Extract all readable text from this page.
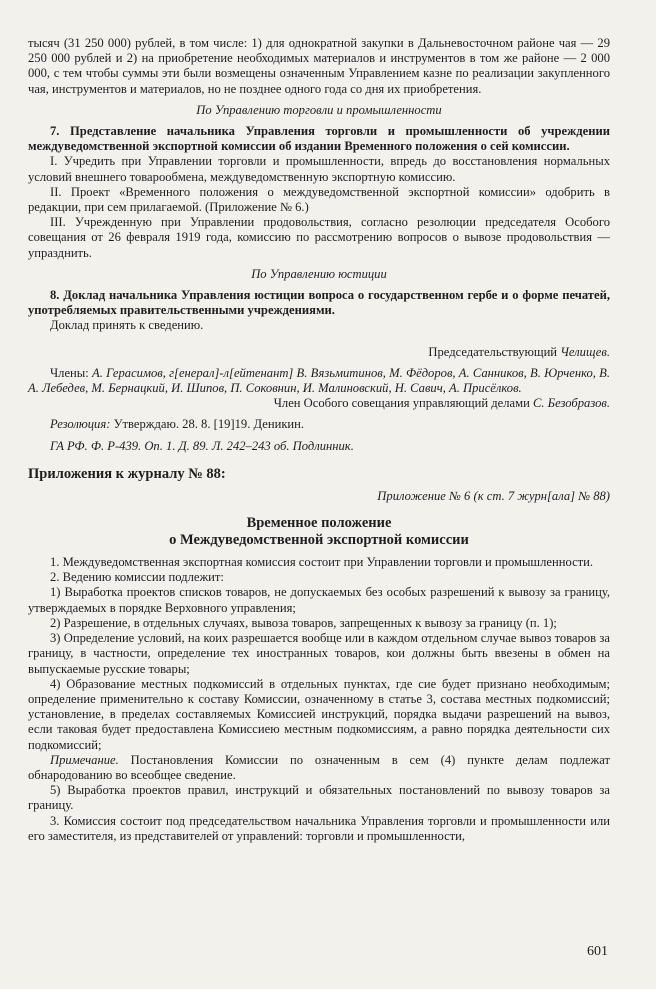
тысяч (31 250 000) рублей, в том числе: 1) для однократной закупки в Дальневосточном районе чая — 29 250 000 рублей и 2) на приобретение необходимых материалов и инструментов в том же районе — 2 000 000, с тем чтобы суммы эти были возмещены означенным Управлением казне по реализации закупленного чая, инструментов и материалов, но не позднее одного года со дня их приобретения.

По Управлению торговли и промышленности

7. Представление начальника Управления торговли и промышленности об учреждении междуведомственной экспортной комиссии об издании Временного положения о сей комиссии.

I. Учредить при Управлении торговли и промышленности, впредь до восстановления нормальных условий внешнего товарообмена, междуведомственную экспортную комиссию.

II. Проект «Временного положения о междуведомственной экспортной комиссии» одобрить в редакции, при сем прилагаемой. (Приложение № 6.)

III. Учрежденную при Управлении продовольствия, согласно резолюции председателя Особого совещания от 26 февраля 1919 года, комиссию по рассмотрению вопросов о вывозе продовольствия — упразднить.

По Управлению юстиции

8. Доклад начальника Управления юстиции вопроса о государственном гербе и о форме печатей, употребляемых правительственными учреждениями.

Доклад принять к сведению.

Председательствующий Челищев.

Члены: А. Герасимов, г[енерал]-л[ейтенант] В. Вязьмитинов, М. Фёдоров, А. Санников, В. Юрченко, В. А. Лебедев, М. Бернацкий, И. Шипов, П. Соковнин, И. Малиновский, Н. Савич, А. Присёлков.

Член Особого совещания управляющий делами С. Безобразов.

Резолюция: Утверждаю. 28. 8. [19]19. Деникин.

ГА РФ. Ф. Р-439. Оп. 1. Д. 89. Л. 242–243 об. Подлинник.

Приложения к журналу № 88:

Приложение № 6 (к ст. 7 журн[ала] № 88)

Временное положение

о Междуведомственной экспортной комиссии

1. Междуведомственная экспортная комиссия состоит при Управлении торговли и промышленности.

2. Ведению комиссии подлежит:

1) Выработка проектов списков товаров, не допускаемых без особых разрешений к вывозу за границу, утверждаемых в порядке Верховного управления;

2) Разрешение, в отдельных случаях, вывоза товаров, запрещенных к вывозу за границу (п. 1);

3) Определение условий, на коих разрешается вообще или в каждом отдельном случае вывоз товаров за границу, в частности, определение тех иностранных товаров, кои должны быть ввезены в обмен на выпускаемые русские товары;

4) Образование местных подкомиссий в отдельных пунктах, где сие будет признано необходимым; определение применительно к составу Комиссии, означенному в статье 3, состава местных подкомиссий; установление, в пределах составляемых Комиссией инструкций, порядка выдачи разрешений на вывоз, если таковая будет предоставлена Комиссиею местным подкомиссиям, а равно порядка деятельности сих подкомиссий;

Примечание. Постановления Комиссии по означенным в сем (4) пункте делам подлежат обнародованию во всеобщее сведение.

5) Выработка проектов правил, инструкций и обязательных постановлений по вывозу товаров за границу.

3. Комиссия состоит под председательством начальника Управления торговли и промышленности или его заместителя, из представителей от управлений: торговли и промышленности,

601
